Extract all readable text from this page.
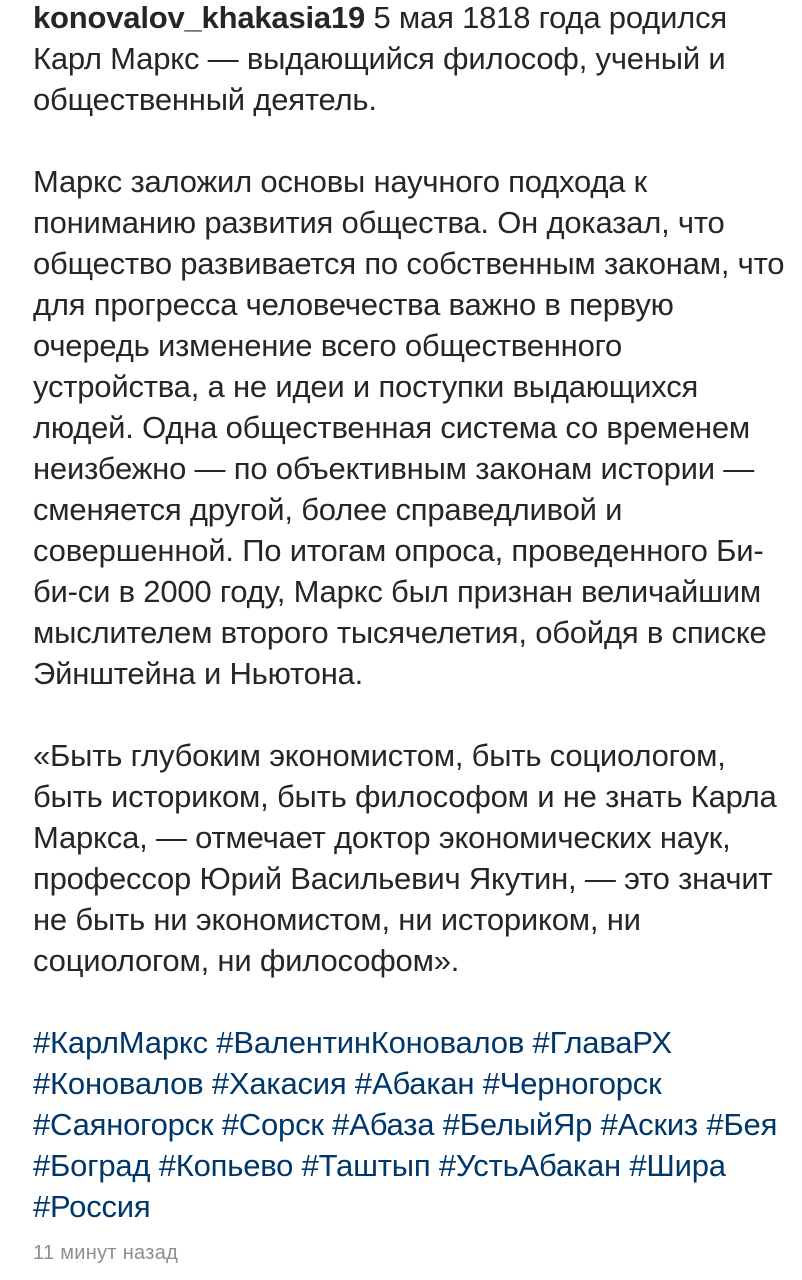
konovalov_khakasia19 5 мая 1818 года родился Карл Маркс — выдающийся философ, ученый и общественный деятель.

Маркс заложил основы научного подхода к пониманию развития общества. Он доказал, что общество развивается по собственным законам, что для прогресса человечества важно в первую очередь изменение всего общественного устройства, а не идеи и поступки выдающихся людей. Одна общественная система со временем неизбежно — по объективным законам истории — сменяется другой, более справедливой и совершенной. По итогам опроса, проведенного Би-би-си в 2000 году, Маркс был признан величайшим мыслителем второго тысячелетия, обойдя в списке Эйнштейна и Ньютона.

«Быть глубоким экономистом, быть социологом, быть историком, быть философом и не знать Карла Маркса, — отмечает доктор экономических наук, профессор Юрий Васильевич Якутин, — это значит не быть ни экономистом, ни историком, ни социологом, ни философом».

#КарлМаркс #ВалентинКоновалов #ГлаваРХ #Коновалов #Хакасия #Абакан #Черногорск #Саяногорск #Сорск #Абаза #БелыйЯр #Аскиз #Бея #Боград #Копьево #Таштып #УстьАбакан #Шира #Россия
11 минут назад
